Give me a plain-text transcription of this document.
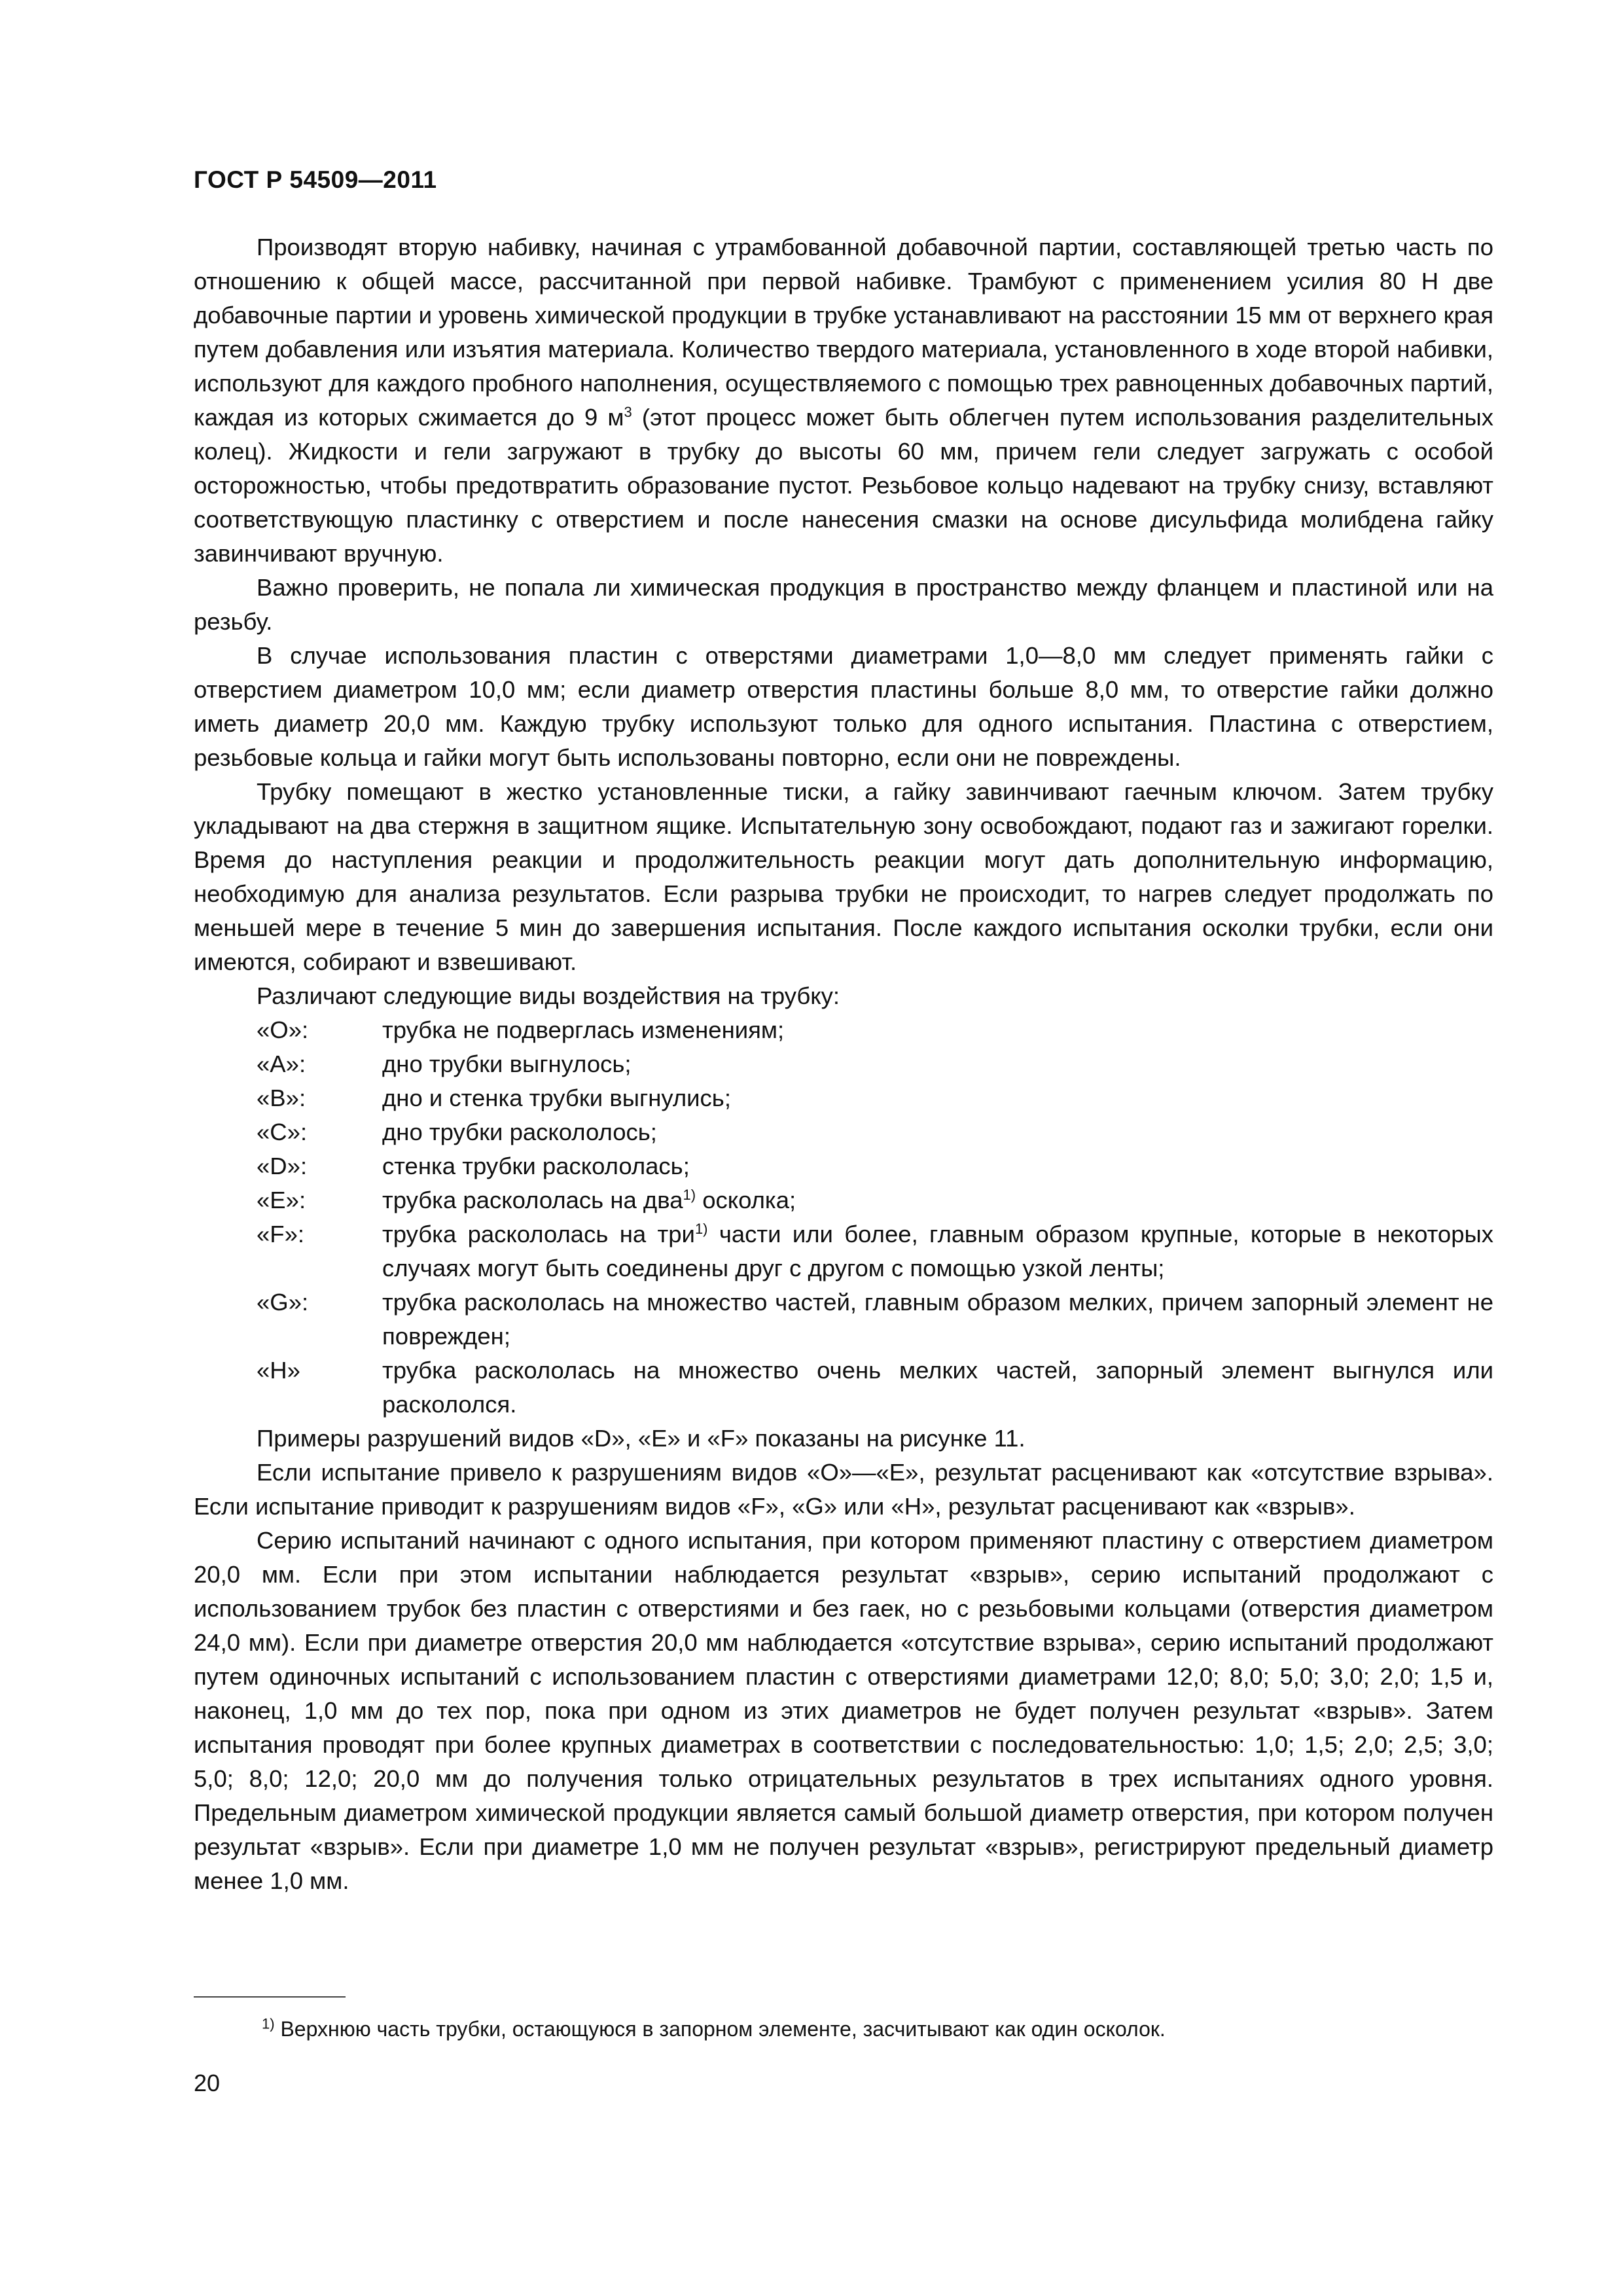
ГОСТ Р 54509—2011

Производят вторую набивку, начиная с утрамбованной добавочной партии, составляющей третью часть по отношению к общей массе, рассчитанной при первой набивке. Трамбуют с применением усилия 80 Н две добавочные партии и уровень химической продукции в трубке устанавливают на расстоянии 15 мм от верхнего края путем добавления или изъятия материала. Количество твердого материала, установленного в ходе второй набивки, используют для каждого пробного наполнения, осуществляемого с помощью трех равноценных добавочных партий, каждая из которых сжимается до 9 $м^3$ (этот процесс может быть облегчен путем использования разделительных колец). Жидкости и гели загружают в трубку до высоты 60 мм, причем гели следует загружать с особой осторожностью, чтобы предотвратить образование пустот. Резьбовое кольцо надевают на трубку снизу, вставляют соответствующую пластинку с отверстием и после нанесения смазки на основе дисульфида молибдена гайку завинчивают вручную.

Важно проверить, не попала ли химическая продукция в пространство между фланцем и пластиной или на резьбу.

В случае использования пластин с отверстями диаметрами 1,0—8,0 мм следует применять гайки с отверстием диаметром 10,0 мм; если диаметр отверстия пластины больше 8,0 мм, то отверстие гайки должно иметь диаметр 20,0 мм. Каждую трубку используют только для одного испытания. Пластина с отверстием, резьбовые кольца и гайки могут быть использованы повторно, если они не повреждены.

Трубку помещают в жестко установленные тиски, а гайку завинчивают гаечным ключом. Затем трубку укладывают на два стержня в защитном ящике. Испытательную зону освобождают, подают газ и зажигают горелки. Время до наступления реакции и продолжительность реакции могут дать дополнительную информацию, необходимую для анализа результатов. Если разрыва трубки не происходит, то нагрев следует продолжать по меньшей мере в течение 5 мин до завершения испытания. После каждого испытания осколки трубки, если они имеются, собирают и взвешивают.

Различают следующие виды воздействия на трубку:

«O»:	трубка не подверглась изменениям;
«A»:	дно трубки выгнулось;
«B»:	дно и стенка трубки выгнулись;
«C»:	дно трубки раскололось;
«D»:	стенка трубки раскололась;
«E»:	трубка раскололась на два$^{1)}$ осколка;
«F»:	трубка раскололась на три$^{1)}$ части или более, главным образом крупные, которые в некоторых случаях могут быть соединены друг с другом с помощью узкой ленты;
«G»:	трубка раскололась на множество частей, главным образом мелких, причем запорный элемент не поврежден;
«H»	трубка раскололась на множество очень мелких частей, запорный элемент выгнулся или раскололся.

Примеры разрушений видов «D», «E» и «F» показаны на рисунке 11.

Если испытание привело к разрушениям видов «O»—«E», результат расценивают как «отсутствие взрыва». Если испытание приводит к разрушениям видов «F», «G» или «H», результат расценивают как «взрыв».

Серию испытаний начинают с одного испытания, при котором применяют пластину с отверстием диаметром 20,0 мм. Если при этом испытании наблюдается результат «взрыв», серию испытаний продолжают с использованием трубок без пластин с отверстиями и без гаек, но с резьбовыми кольцами (отверстия диаметром 24,0 мм). Если при диаметре отверстия 20,0 мм наблюдается «отсутствие взрыва», серию испытаний продолжают путем одиночных испытаний с использованием пластин с отверстиями диаметрами 12,0; 8,0; 5,0; 3,0; 2,0; 1,5 и, наконец, 1,0 мм до тех пор, пока при одном из этих диаметров не будет получен результат «взрыв». Затем испытания проводят при более крупных диаметрах в соответствии с последовательностью: 1,0; 1,5; 2,0; 2,5; 3,0; 5,0; 8,0; 12,0; 20,0 мм до получения только отрицательных результатов в трех испытаниях одного уровня. Предельным диаметром химической продукции является самый большой диаметр отверстия, при котором получен результат «взрыв». Если при диаметре 1,0 мм не получен результат «взрыв», регистрируют предельный диаметр менее 1,0 мм.

$^{1)}$ Верхнюю часть трубки, остающуюся в запорном элементе, засчитывают как один осколок.
20
